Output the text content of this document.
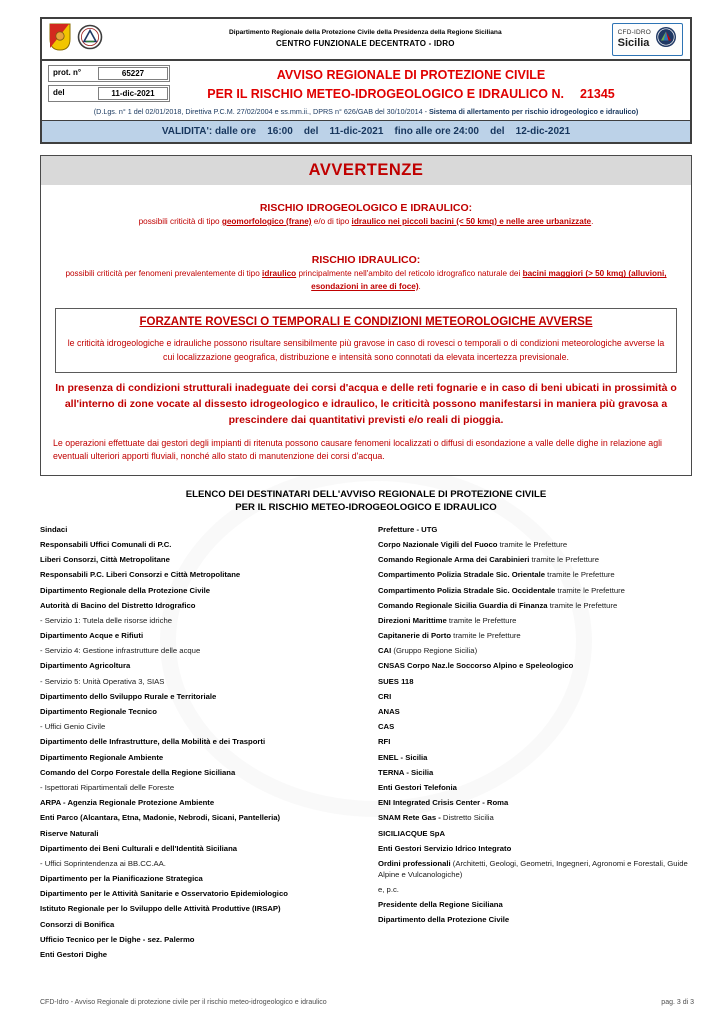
Dipartimento Regionale della Protezione Civile della Presidenza della Regione Siciliana
CENTRO FUNZIONALE DECENTRATO - IDRO
CFD-IDRO
Sicilia
prot. n°	65227
del	11-dic-2021
AVVISO REGIONALE DI PROTEZIONE CIVILE
PER IL RISCHIO METEO-IDROGEOLOGICO E IDRAULICO N. 21345
(D.Lgs. n° 1 del 02/01/2018, Direttiva P.C.M. 27/02/2004 e ss.mm.ii., DPRS n° 626/GAB del 30/10/2014 - Sistema di allertamento per rischio idrogeologico e idraulico)
VALIDITA': dalle ore    16:00    del    11-dic-2021    fino alle ore 24:00    del    12-dic-2021
AVVERTENZE
RISCHIO IDROGEOLOGICO E IDRAULICO:
possibili criticità di tipo geomorfologico (frane) e/o di tipo idraulico nei piccoli bacini (< 50 kmq) e nelle aree urbanizzate.
RISCHIO IDRAULICO:
possibili criticità per fenomeni prevalentemente di tipo idraulico principalmente nell'ambito del reticolo idrografico naturale dei bacini maggiori (> 50 kmq) (alluvioni, esondazioni in aree di foce).
FORZANTE ROVESCI O TEMPORALI E CONDIZIONI METEOROLOGICHE AVVERSE
le criticità idrogeologiche e idrauliche possono risultare sensibilmente più gravose in caso di rovesci o temporali o di condizioni meteorologiche avverse la cui localizzazione geografica, distribuzione e intensità sono connotati da elevata incertezza previsionale.
In presenza di condizioni strutturali inadeguate dei corsi d'acqua e delle reti fognarie e in caso di beni ubicati in prossimità o all'interno di zone vocate al dissesto idrogeologico e idraulico, le criticità possono manifestarsi in maniera più gravosa a prescindere dai quantitativi previsti e/o reali di pioggia.
Le operazioni effettuate dai gestori degli impianti di ritenuta possono causare fenomeni localizzati o diffusi di esondazione a valle delle dighe in relazione agli eventuali ulteriori apporti fluviali, nonché allo stato di manutenzione dei corsi d'acqua.
ELENCO DEI DESTINATARI DELL'AVVISO REGIONALE DI PROTEZIONE CIVILE
PER IL RISCHIO METEO-IDROGEOLOGICO E IDRAULICO
Sindaci
Responsabili Uffici Comunali di P.C.
Liberi Consorzi, Città Metropolitane
Responsabili P.C. Liberi Consorzi e Città Metropolitane
Dipartimento Regionale della Protezione Civile
Autorità di Bacino del Distretto Idrografico
- Servizio 1: Tutela delle risorse idriche
Dipartimento Acque e Rifiuti
- Servizio 4: Gestione infrastrutture delle acque
Dipartimento Agricoltura
- Servizio 5: Unità Operativa 3, SIAS
Dipartimento dello Sviluppo Rurale e Territoriale
Dipartimento Regionale Tecnico
- Uffici Genio Civile
Dipartimento delle Infrastrutture, della Mobilità e dei Trasporti
Dipartimento Regionale Ambiente
Comando del Corpo Forestale della Regione Siciliana
- Ispettorati Ripartimentali delle Foreste
ARPA - Agenzia Regionale Protezione Ambiente
Enti Parco (Alcantara, Etna, Madonie, Nebrodi, Sicani, Pantelleria)
Riserve Naturali
Dipartimento dei Beni Culturali e dell'Identità Siciliana
- Uffici Soprintendenza ai BB.CC.AA.
Dipartimento per la Pianificazione Strategica
Dipartimento per le Attività Sanitarie e Osservatorio Epidemiologico
Istituto Regionale per lo Sviluppo delle Attività Produttive (IRSAP)
Consorzi di Bonifica
Ufficio Tecnico per le Dighe - sez. Palermo
Enti Gestori Dighe
Prefetture - UTG
Corpo Nazionale Vigili del Fuoco tramite le Prefetture
Comando Regionale Arma dei Carabinieri tramite le Prefetture
Compartimento Polizia Stradale Sic. Orientale tramite le Prefetture
Compartimento Polizia Stradale Sic. Occidentale tramite le Prefetture
Comando Regionale Sicilia Guardia di Finanza tramite le Prefetture
Direzioni Marittime tramite le Prefetture
Capitanerie di Porto tramite le Prefetture
CAI (Gruppo Regione Sicilia)
CNSAS Corpo Naz.le Soccorso Alpino e Speleologico
SUES 118
CRI
ANAS
CAS
RFI
ENEL - Sicilia
TERNA - Sicilia
Enti Gestori Telefonia
ENI Integrated Crisis Center - Roma
SNAM Rete Gas - Distretto Sicilia
SICILIACQUE SpA
Enti Gestori Servizio Idrico Integrato
Ordini professionali (Architetti, Geologi, Geometri, Ingegneri, Agronomi e Forestali, Guide Alpine e Vulcanologiche)
e, p.c.
Presidente della Regione Siciliana
Dipartimento della Protezione Civile
CFD-Idro - Avviso Regionale di protezione civile per il rischio meteo-idrogeologico e idraulico	pag. 3 di 3
